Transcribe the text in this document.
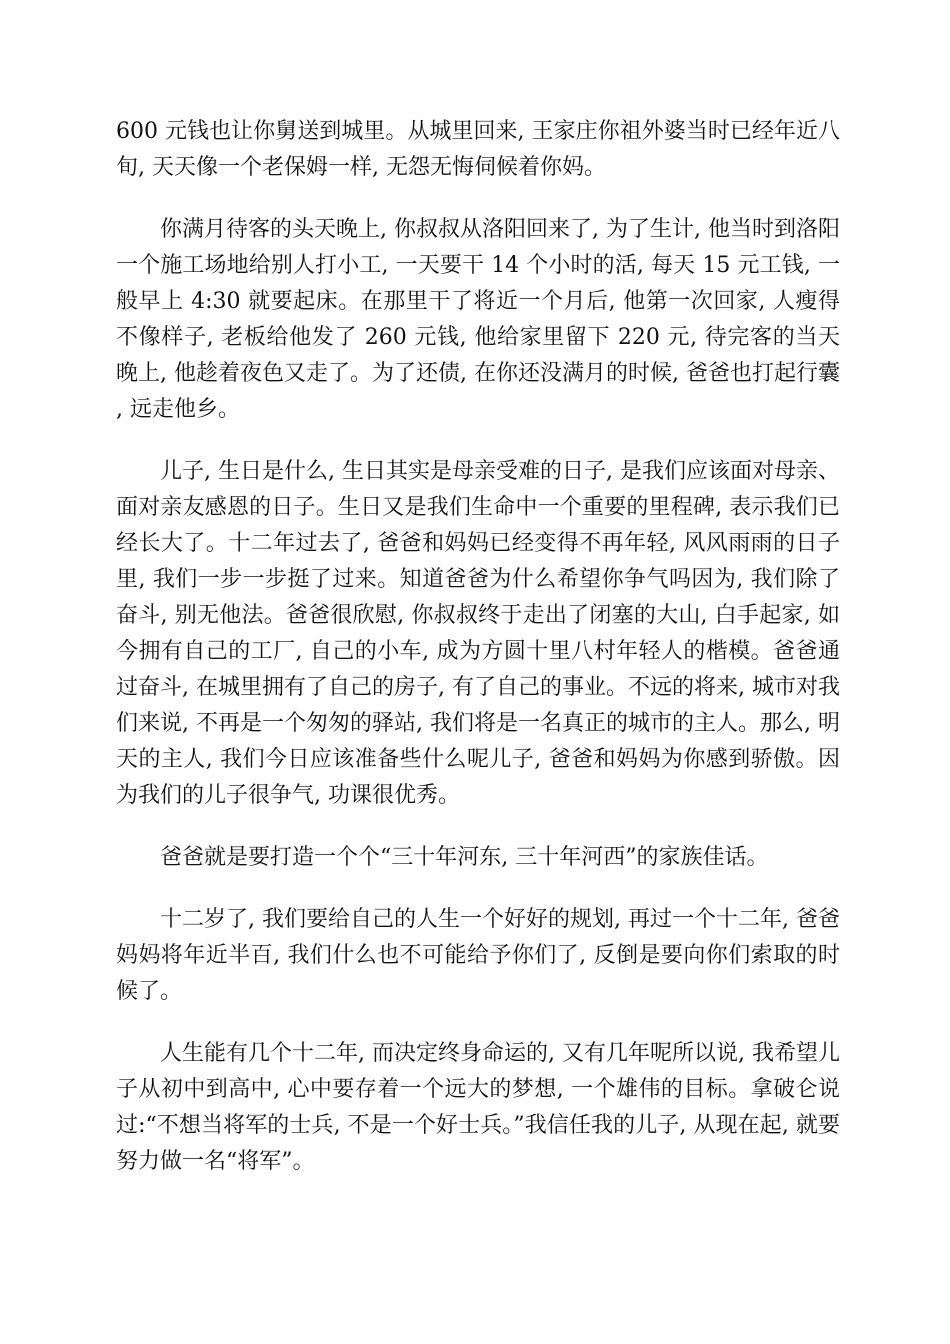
600 元钱也让你舅送到城里。从城里回来, 王家庄你祖外婆当时已经年近八旬, 天天像一个老保姆一样, 无怨无悔伺候着你妈。

你满月待客的头天晚上, 你叔叔从洛阳回来了, 为了生计, 他当时到洛阳一个施工场地给别人打小工, 一天要干 14 个小时的活, 每天 15 元工钱, 一般早上 4:30 就要起床。在那里干了将近一个月后, 他第一次回家, 人瘦得不像样子, 老板给他发了 260 元钱, 他给家里留下 220 元, 待完客的当天晚上, 他趁着夜色又走了。为了还债, 在你还没满月的时候, 爸爸也打起行囊, 远走他乡。

儿子, 生日是什么, 生日其实是母亲受难的日子, 是我们应该面对母亲、面对亲友感恩的日子。生日又是我们生命中一个重要的里程碑, 表示我们已经长大了。十二年过去了, 爸爸和妈妈已经变得不再年轻, 风风雨雨的日子里, 我们一步一步挺了过来。知道爸爸为什么希望你争气吗因为, 我们除了奋斗, 别无他法。爸爸很欣慰, 你叔叔终于走出了闭塞的大山, 白手起家, 如今拥有自己的工厂, 自己的小车, 成为方圆十里八村年轻人的楷模。爸爸通过奋斗, 在城里拥有了自己的房子, 有了自己的事业。不远的将来, 城市对我们来说, 不再是一个匆匆的驿站, 我们将是一名真正的城市的主人。那么, 明天的主人, 我们今日应该准备些什么呢儿子, 爸爸和妈妈为你感到骄傲。因为我们的儿子很争气, 功课很优秀。

爸爸就是要打造一个个“三十年河东, 三十年河西”的家族佳话。

十二岁了, 我们要给自己的人生一个好好的规划, 再过一个十二年, 爸爸妈妈将年近半百, 我们什么也不可能给予你们了, 反倒是要向你们索取的时候了。

人生能有几个十二年, 而决定终身命运的, 又有几年呢所以说, 我希望儿子从初中到高中, 心中要存着一个远大的梦想, 一个雄伟的目标。拿破仑说过:“不想当将军的士兵, 不是一个好士兵。”我信任我的儿子, 从现在起, 就要努力做一名“将军”。
